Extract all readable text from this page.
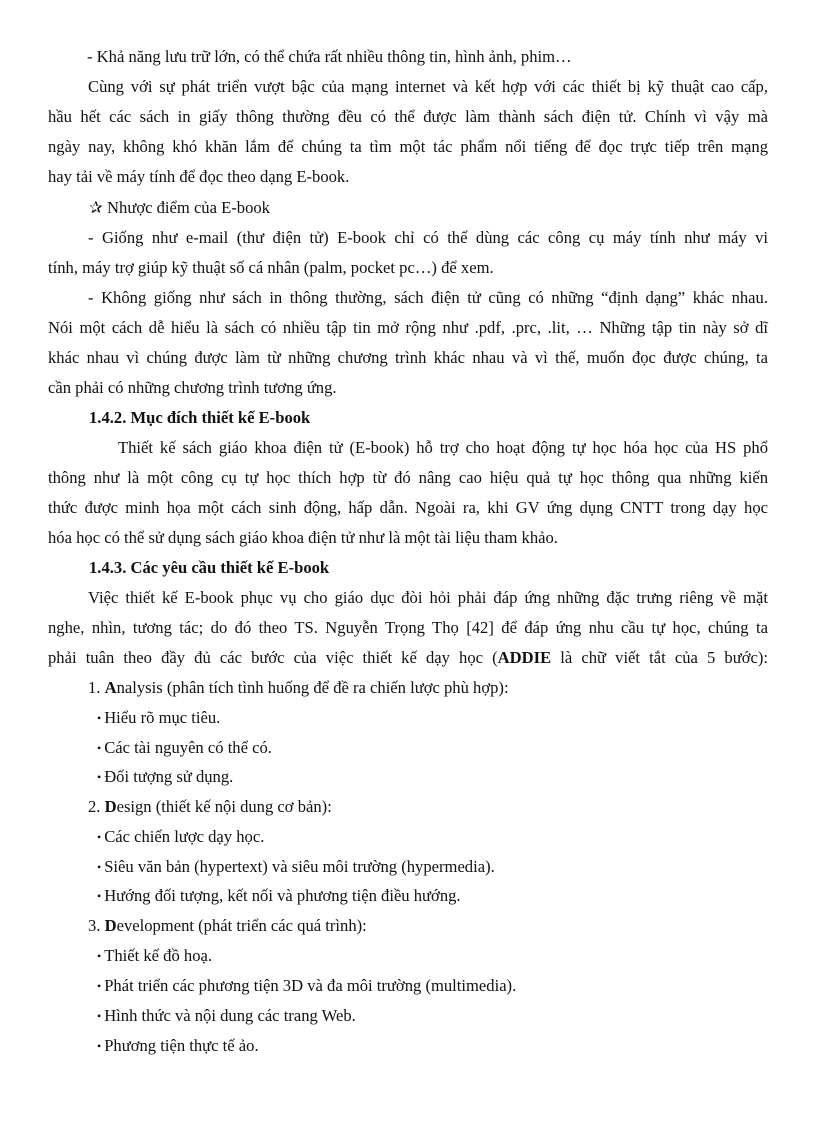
- Khả năng lưu trữ lớn, có thể chứa rất nhiều thông tin, hình ảnh, phim…
Cùng với sự phát triển vượt bậc của mạng internet và kết hợp với các thiết bị kỹ thuật cao cấp,
hầu hết các sách in giấy thông thường đều có thể được làm thành sách điện tử. Chính vì vậy mà
ngày nay, không khó khăn lắm để chúng ta tìm một tác phẩm nổi tiếng để đọc trực tiếp trên mạng
hay tải về máy tính để đọc theo dạng E-book.
✰ Nhược điểm của E-book
- Giống như e-mail (thư điện tử) E-book chỉ có thể dùng các công cụ máy tính như máy vi
tính, máy trợ giúp kỹ thuật số cá nhân (palm, pocket pc…) để xem.
- Không giống như sách in thông thường, sách điện tử cũng có những “định dạng” khác nhau.
Nói một cách dễ hiểu là sách có nhiều tập tin mở rộng như .pdf, .prc, .lit, … Những tập tin này sở dĩ
khác nhau vì chúng được làm từ những chương trình khác nhau và vì thế, muốn đọc được chúng, ta
cần phải có những chương trình tương ứng.
1.4.2. Mục đích thiết kế E-book
Thiết kế sách giáo khoa điện tử (E-book) hỗ trợ cho hoạt động tự học hóa học của HS phổ
thông như là một công cụ tự học thích hợp từ đó nâng cao hiệu quả tự học thông qua những kiến
thức được minh họa một cách sinh động, hấp dẫn. Ngoài ra, khi GV ứng dụng CNTT trong dạy học
hóa học có thể sử dụng sách giáo khoa điện tử như là một tài liệu tham khảo.
1.4.3. Các yêu cầu thiết kế E-book
Việc thiết kế E-book phục vụ cho giáo dục đòi hỏi phải đáp ứng những đặc trưng riêng về mặt
nghe, nhìn, tương tác; do đó theo TS. Nguyễn Trọng Thọ [42] để đáp ứng nhu cầu tự học, chúng ta
phải tuân theo đầy đủ các bước của việc thiết kế dạy học (ADDIE là chữ viết tắt của 5 bước):
1. Analysis (phân tích tình huống để đề ra chiến lược phù hợp):
• Hiểu rõ mục tiêu.
• Các tài nguyên có thể có.
• Đối tượng sử dụng.
2. Design (thiết kế nội dung cơ bản):
• Các chiến lược dạy học.
• Siêu văn bản (hypertext) và siêu môi trường (hypermedia).
• Hướng đối tượng, kết nối và phương tiện điều hướng.
3. Development (phát triển các quá trình):
• Thiết kế đồ hoạ.
• Phát triển các phương tiện 3D và đa môi trường (multimedia).
• Hình thức và nội dung các trang Web.
• Phương tiện thực tế ảo.
